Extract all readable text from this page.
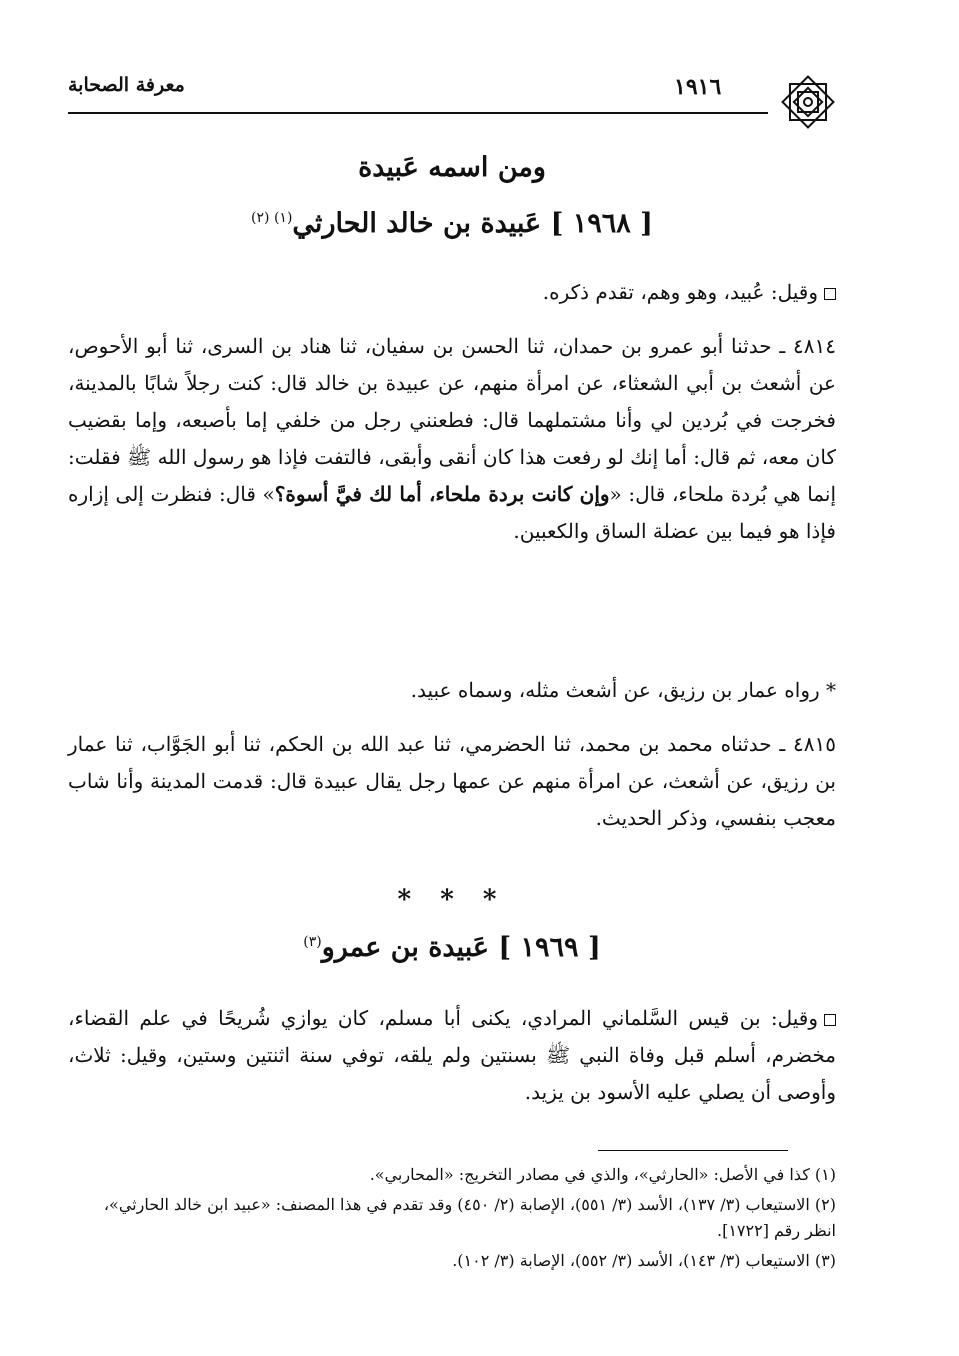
معرفة الصحابة	١٩١٦
ومن اسمه عَبيدة
[ ١٩٦٨ ] عَبيدة بن خالد الحارثي$^{(١) (٢)}$
وقيل: عُبيد، وهو وهم، تقدم ذكره.
٤٨١٤ ـ حدثنا أبو عمرو بن حمدان، ثنا الحسن بن سفيان، ثنا هناد بن السرى، ثنا أبو الأحوص، عن أشعث بن أبي الشعثاء، عن امرأة منهم، عن عبيدة بن خالد قال: كنت رجلاً شابًا بالمدينة، فخرجت في بُردين لي وأنا مشتملهما قال: فطعنني رجل من خلفي إما بأصبعه، وإما بقضيب كان معه، ثم قال: أما إنك لو رفعت هذا كان أنقى وأبقى، فالتفت فإذا هو رسول الله ﷺ فقلت: إنما هي بُردة ملحاء، قال: «وإن كانت بردة ملحاء، أما لك فيَّ أسوة؟» قال: فنظرت إلى إزاره فإذا هو فيما بين عضلة الساق والكعبين.
* رواه عمار بن رزيق، عن أشعث مثله، وسماه عبيد.
٤٨١٥ ـ حدثناه محمد بن محمد، ثنا الحضرمي، ثنا عبد الله بن الحكم، ثنا أبو الجَوَّاب، ثنا عمار بن رزيق، عن أشعث، عن امرأة منهم عن عمها رجل يقال عبيدة قال: قدمت المدينة وأنا شاب معجب بنفسي، وذكر الحديث.
* * *
[ ١٩٦٩ ] عَبيدة بن عمرو$^{(٣)}$
وقيل: بن قيس السَّلماني المرادي، يكنى أبا مسلم، كان يوازي شُريحًا في علم القضاء، مخضرم، أسلم قبل وفاة النبي ﷺ بسنتين ولم يلقه، توفي سنة اثنتين وستين، وقيل: ثلاث، وأوصى أن يصلي عليه الأسود بن يزيد.
(١) كذا في الأصل: «الحارثي»، والذي في مصادر التخريج: «المحاربي».
(٢) الاستيعاب (٣/ ١٣٧)، الأسد (٣/ ٥٥١)، الإصابة (٢/ ٤٥٠) وقد تقدم في هذا المصنف: «عبيد ابن خالد الحارثي»، انظر رقم [١٧٢٢].
(٣) الاستيعاب (٣/ ١٤٣)، الأسد (٣/ ٥٥٢)، الإصابة (٣/ ١٠٢).
